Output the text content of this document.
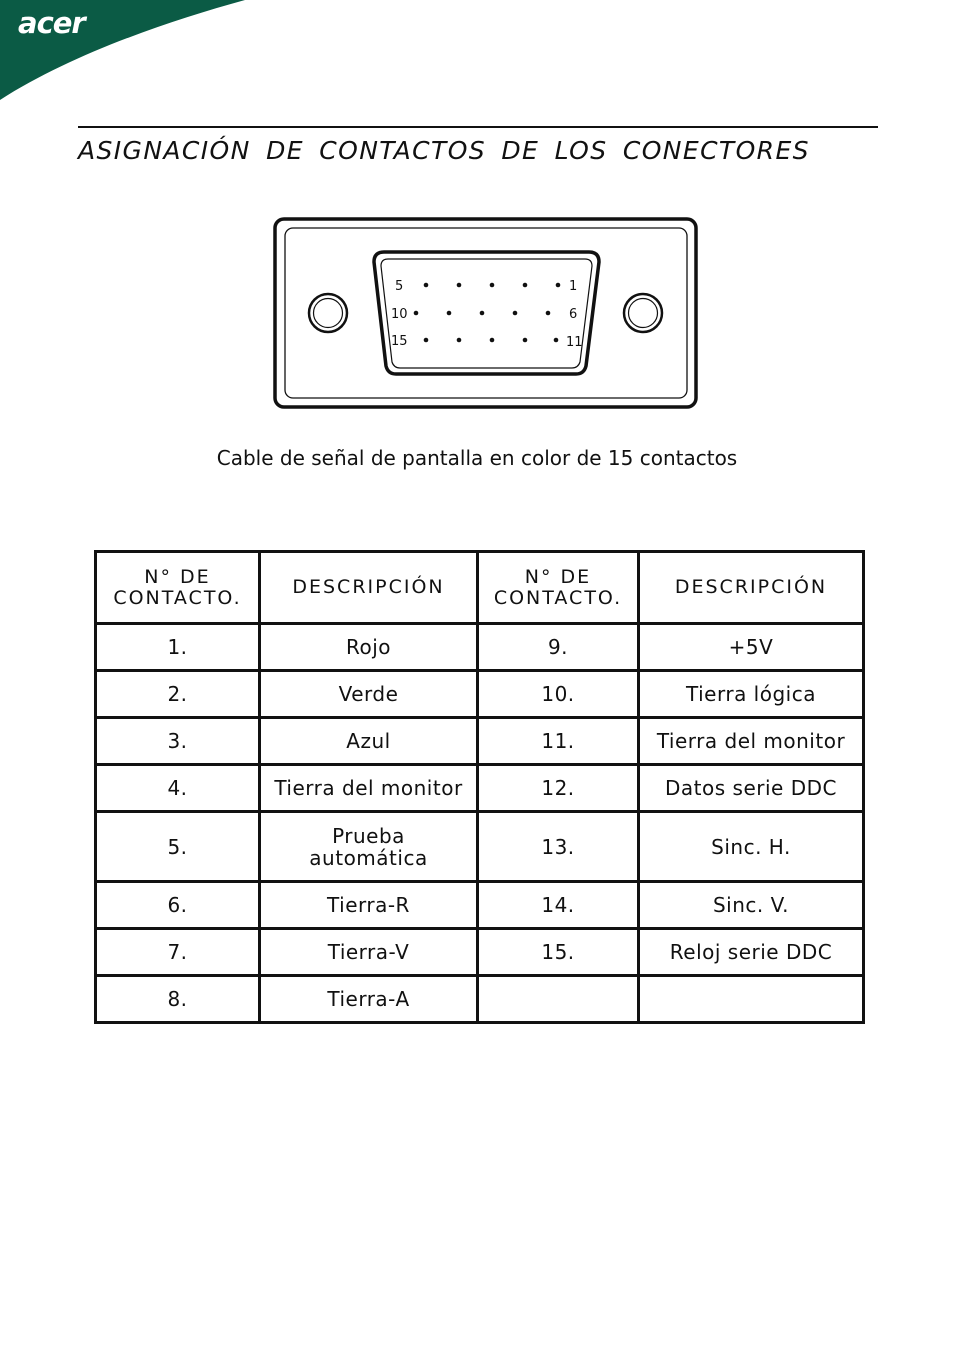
acer
ASIGNACIÓN DE CONTACTOS DE LOS CONECTORES
5	1
10	6
15	11
Cable de señal de pantalla en color de 15 contactos
N° DE CONTACTO.	DESCRIPCIÓN	N° DE CONTACTO.	DESCRIPCIÓN
1.	Rojo	9.	+5V
2.	Verde	10.	Tierra lógica
3.	Azul	11.	Tierra del monitor
4.	Tierra del monitor	12.	Datos serie DDC
5.	Prueba automática	13.	Sinc. H.
6.	Tierra-R	14.	Sinc. V.
7.	Tierra-V	15.	Reloj serie DDC
8.	Tierra-A		
